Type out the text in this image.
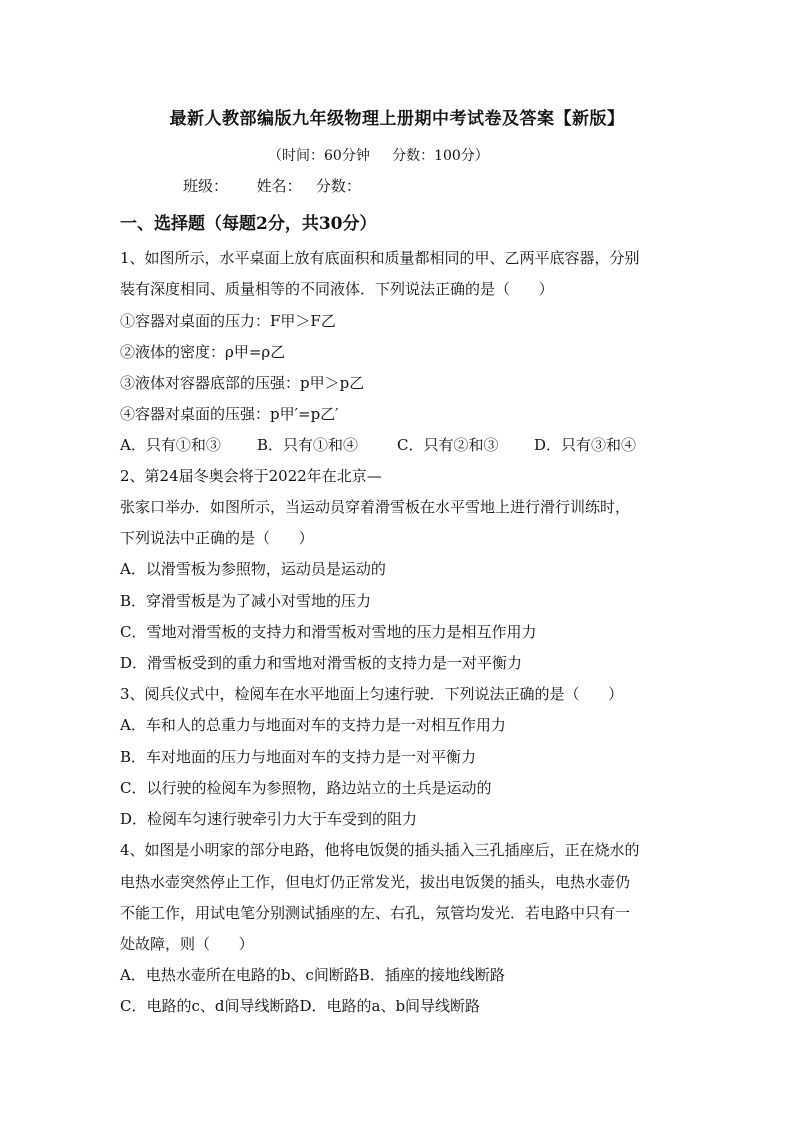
最新人教部编版九年级物理上册期中考试卷及答案【新版】
（时间：60分钟     分数：100分）
班级：      姓名：   分数：
一、选择题（每题2分，共30分）
1、如图所示，水平桌面上放有底面积和质量都相同的甲、乙两平底容器，分别
装有深度相同、质量相等的不同液体．下列说法正确的是（      ）
①容器对桌面的压力：F甲＞F乙
②液体的密度：ρ甲=ρ乙
③液体对容器底部的压强：p甲＞p乙
④容器对桌面的压强：p甲′=p乙′
A．只有①和③ B．只有①和④	C．只有②和③ D．只有③和④
2、第24届冬奥会将于2022年在北京—
张家口举办．如图所示，当运动员穿着滑雪板在水平雪地上进行滑行训练时，
下列说法中正确的是（      ）
A．以滑雪板为参照物，运动员是运动的
B．穿滑雪板是为了减小对雪地的压力
C．雪地对滑雪板的支持力和滑雪板对雪地的压力是相互作用力
D．滑雪板受到的重力和雪地对滑雪板的支持力是一对平衡力
3、阅兵仪式中，检阅车在水平地面上匀速行驶．下列说法正确的是（      ）
A．车和人的总重力与地面对车的支持力是一对相互作用力
B．车对地面的压力与地面对车的支持力是一对平衡力
C．以行驶的检阅车为参照物，路边站立的土兵是运动的
D．检阅车匀速行驶牵引力大于车受到的阻力
4、如图是小明家的部分电路，他将电饭煲的插头插入三孔插座后，正在烧水的
电热水壶突然停止工作，但电灯仍正常发光，拔出电饭煲的插头，电热水壶仍
不能工作，用试电笔分别测试插座的左、右孔，氖管均发光．若电路中只有一
处故障，则（      ）
A．电热水壶所在电路的b、c间断路B．插座的接地线断路
C．电路的c、d间导线断路D．电路的a、b间导线断路
